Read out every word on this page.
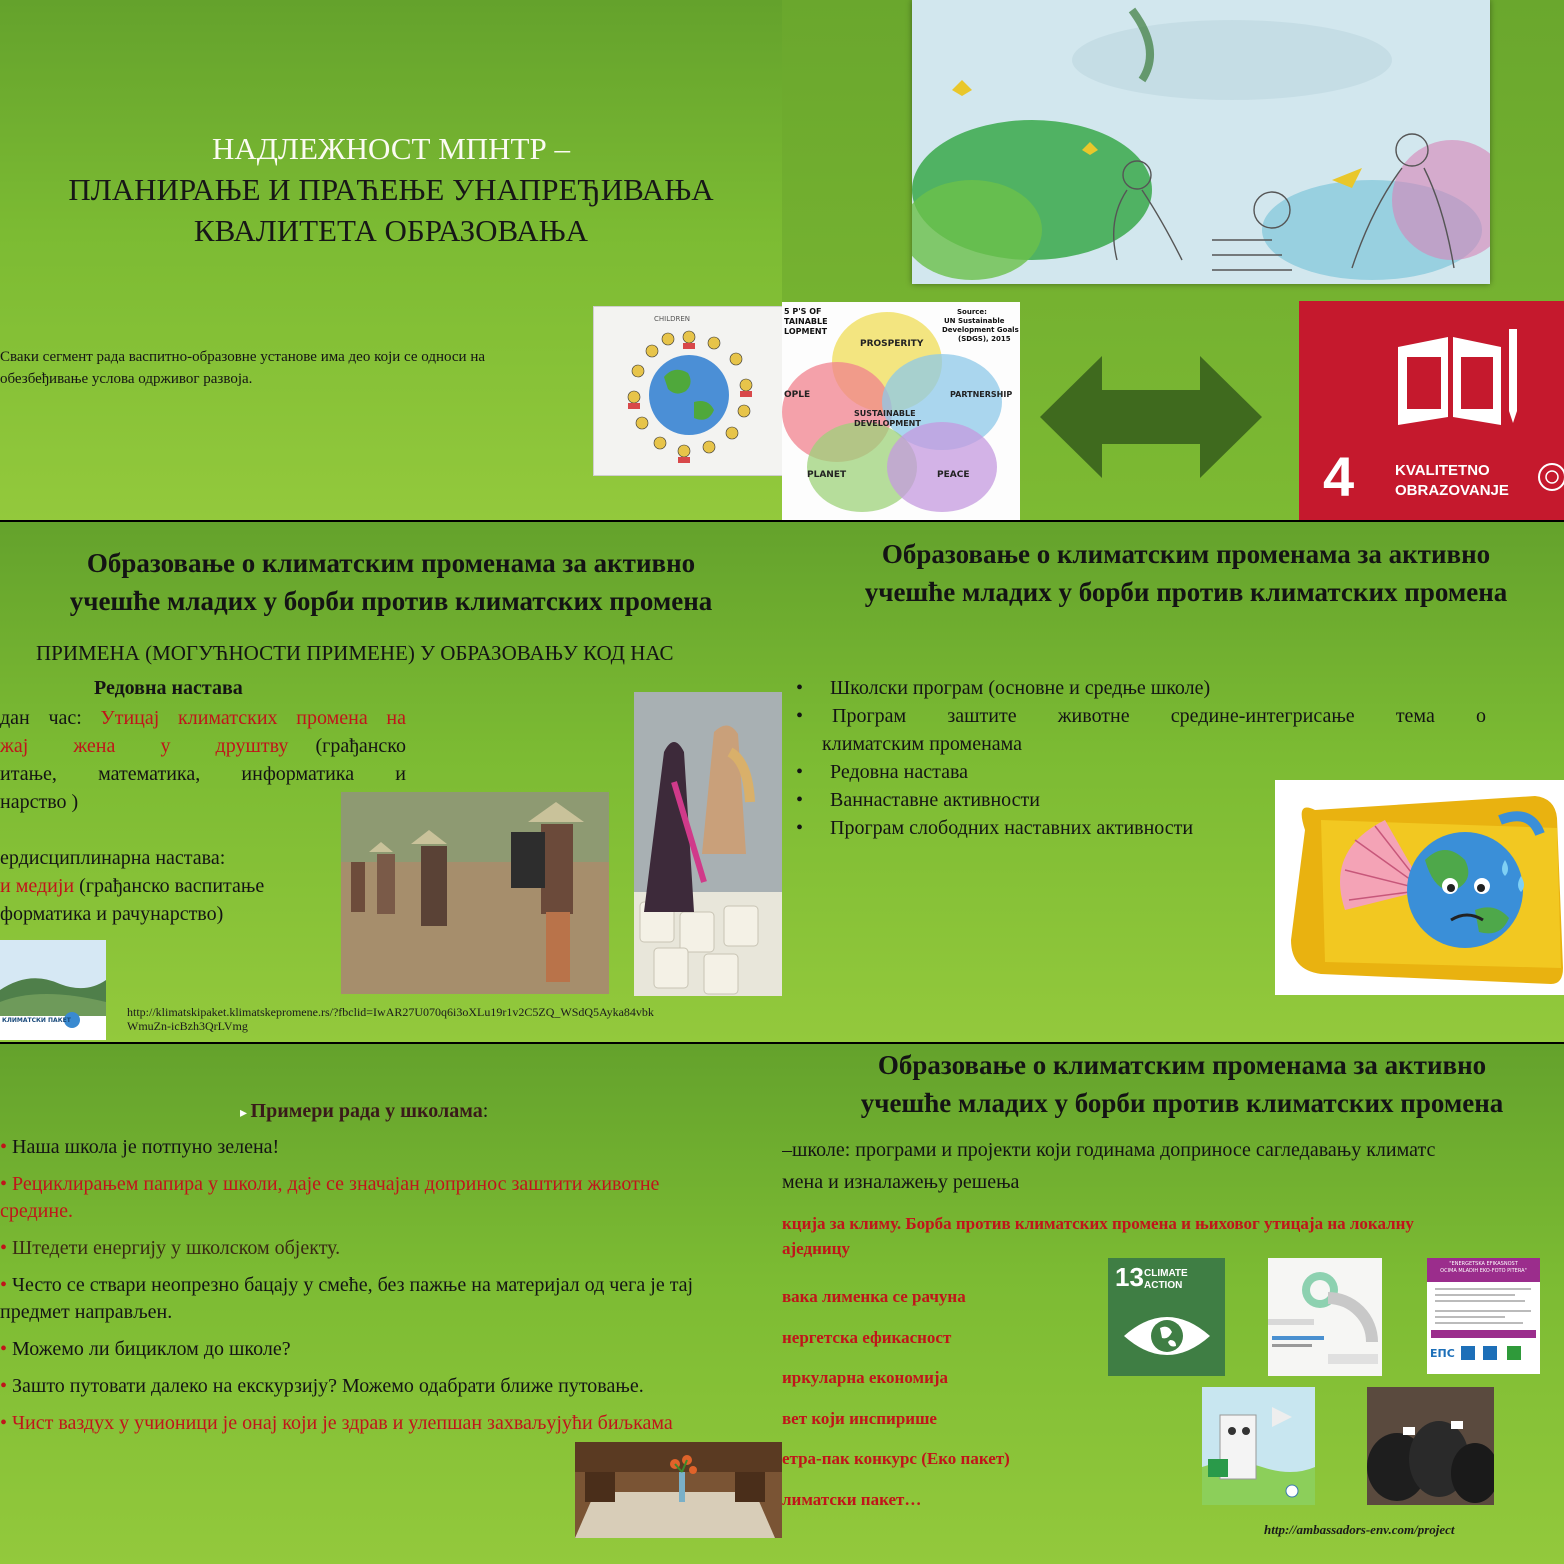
НАДЛЕЖНОСТ МПНТР –
ПЛАНИРАЊЕ И ПРАЋЕЊЕ УНАПРЕЂИВАЊА
КВАЛИТЕТА ОБРАЗОВАЊА
Сваки сегмент рада васпитно-образовне установе има део који се односи на
обезбеђивање услова одрживог развоја.
CHILDREN
5 P'S OF
TAINABLE
LOPMENT
Source:
UN Sustainable
Development Goals
(SDGS), 2015
PROSPERITY
OPLE	PARTNERSHIP
SUSTAINABLE
DEVELOPMENT
PLANET	PEACE	4	KVALITETNO
OBRAZOVANJE
Образовање о климатским променама за активно
учешће младих у борби против климатских промена
ПРИМЕНА (МОГУЋНОСТИ ПРИМЕНЕ) У ОБРАЗОВАЊУ КОД НАС
Редовна настава
дан час: Утицај климатских промена на
жај жена у друштву (грађанско
итање, математика, информатика и
нарство )
ердисциплинарна настава:
и медији (грађанско васпитање
форматика и рачунарство)
КЛИМАТСКИ ПАКЕТ
http://klimatskipaket.klimatskepromene.rs/?fbclid=IwAR27U070q6i3oXLu19r1v2C5ZQ_WSdQ5Ayka84vbk
WmuZn-icBzh3QrLVmg
Образовање о климатским променама за активно
учешће младих у борби против климатских промена
• Школски програм (основне и средње школе)
•	Програм заштите животне средине-интегрисање тема о
климатским променама
• Редовна настава
• Ваннаставне активности
• Програм слободних наставних активности
▸ Примери рада у школама:
• Наша школа је потпуно зелена!
• Рециклирањем папира у школи, даје се значајан допринос заштити животне
средине.
• Штедети енергију у школском објекту.
• Често се ствари неопрезно бацају у смеће, без пажње на материјал од чега је тај
предмет направљен.
• Можемо ли бициклом до школе?
• Зашто путовати далеко на екскурзију? Можемо одабрати ближе путовање.
• Чист ваздух у учионици је онај који је здрав и улепшан захваљујући биљкама
Образовање о климатским променама за активно
учешће младих у борби против климатских промена
–школе: програми и пројекти који годинама доприносе сагледавању климатс
мена и изналажењу решења
кција за климу. Борба против климатских промена и њиховог утицаја на локалну
аједницу
вака лименка се рачуна
нергетска ефикасност
иркуларна економија
вет који инспирише
етра-пак конкурс (Еко пакет)
лиматски пакет…
13 CLIMATE
ACTION
"ENERGETSKA EFIKASNOST
OCIMA MLADIH EKO-FOTO PITERA"
ЕПС
http://ambassadors-env.com/project
